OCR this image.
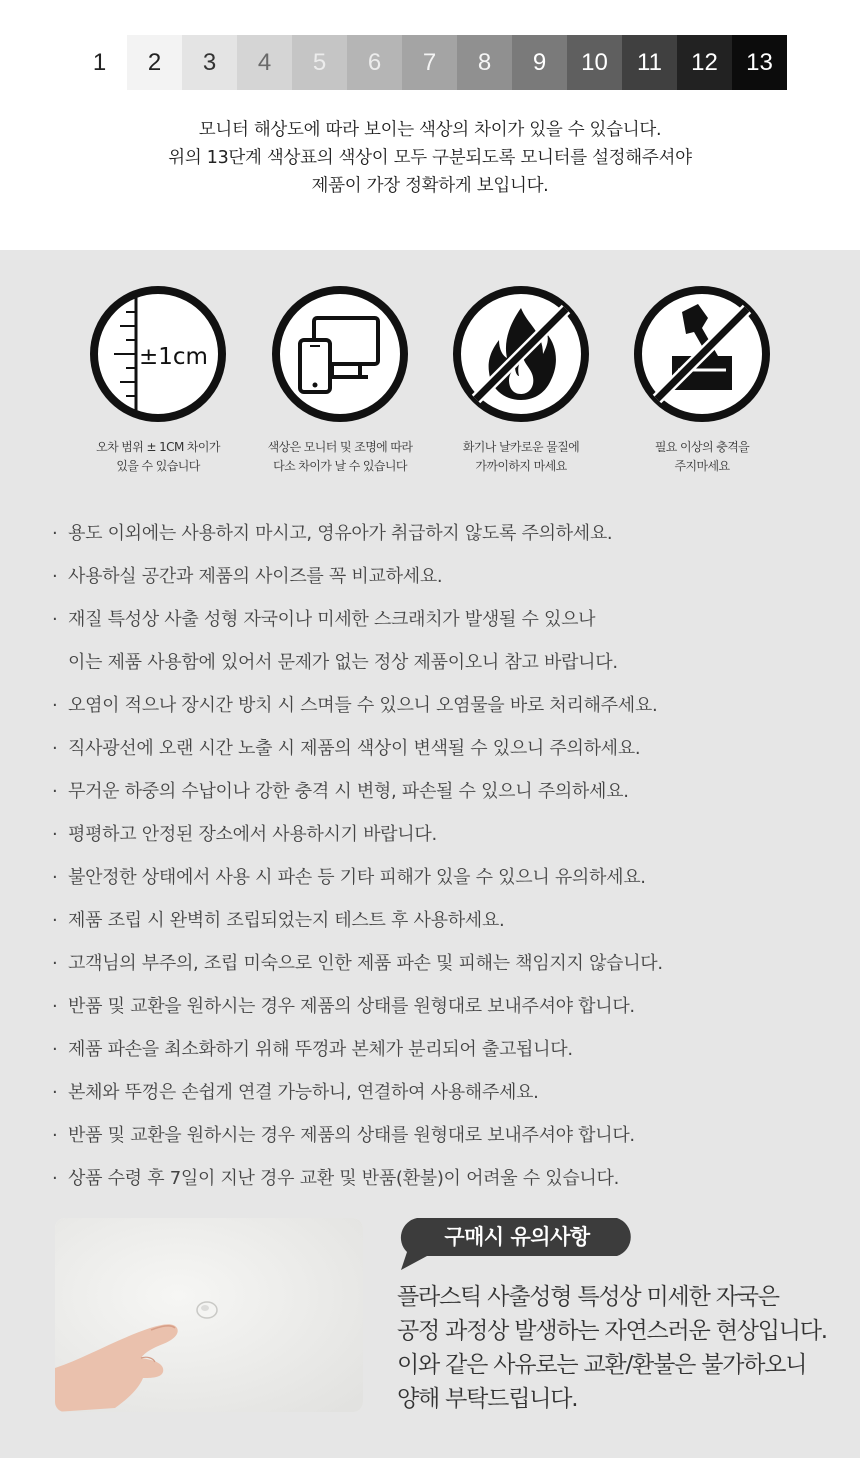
1	2	3	4	5	6	7	8	9	10	11	12	13
모니터 해상도에 따라 보이는 색상의 차이가 있을 수 있습니다.
위의 13단계 색상표의 색상이 모두 구분되도록 모니터를 설정해주셔야
제품이 가장 정확하게 보입니다.
±1cm
오차 범위 ± 1CM 차이가
있을 수 있습니다
색상은 모니터 및 조명에 따라
다소 차이가 날 수 있습니다
화기나 날카로운 물질에
가까이하지 마세요
필요 이상의 충격을
주지마세요
· 용도 이외에는 사용하지 마시고, 영유아가 취급하지 않도록 주의하세요.
· 사용하실 공간과 제품의 사이즈를 꼭 비교하세요.
· 재질 특성상 사출 성형 자국이나 미세한 스크래치가 발생될 수 있으나
이는 제품 사용함에 있어서 문제가 없는 정상 제품이오니 참고 바랍니다.
· 오염이 적으나 장시간 방치 시 스며들 수 있으니 오염물을 바로 처리해주세요.
· 직사광선에 오랜 시간 노출 시 제품의 색상이 변색될 수 있으니 주의하세요.
· 무거운 하중의 수납이나 강한 충격 시 변형, 파손될 수 있으니 주의하세요.
· 평평하고 안정된 장소에서 사용하시기 바랍니다.
· 불안정한 상태에서 사용 시 파손 등 기타 피해가 있을 수 있으니 유의하세요.
· 제품 조립 시 완벽히 조립되었는지 테스트 후 사용하세요.
· 고객님의 부주의, 조립 미숙으로 인한 제품 파손 및 피해는 책임지지 않습니다.
· 반품 및 교환을 원하시는 경우 제품의 상태를 원형대로 보내주셔야 합니다.
· 제품 파손을 최소화하기 위해 뚜껑과 본체가 분리되어 출고됩니다.
· 본체와 뚜껑은 손쉽게 연결 가능하니, 연결하여 사용해주세요.
· 반품 및 교환을 원하시는 경우 제품의 상태를 원형대로 보내주셔야 합니다.
· 상품 수령 후 7일이 지난 경우 교환 및 반품(환불)이 어려울 수 있습니다.
구매시 유의사항
플라스틱 사출성형 특성상 미세한 자국은
공정 과정상 발생하는 자연스러운 현상입니다.
이와 같은 사유로는 교환/환불은 불가하오니
양해 부탁드립니다.
